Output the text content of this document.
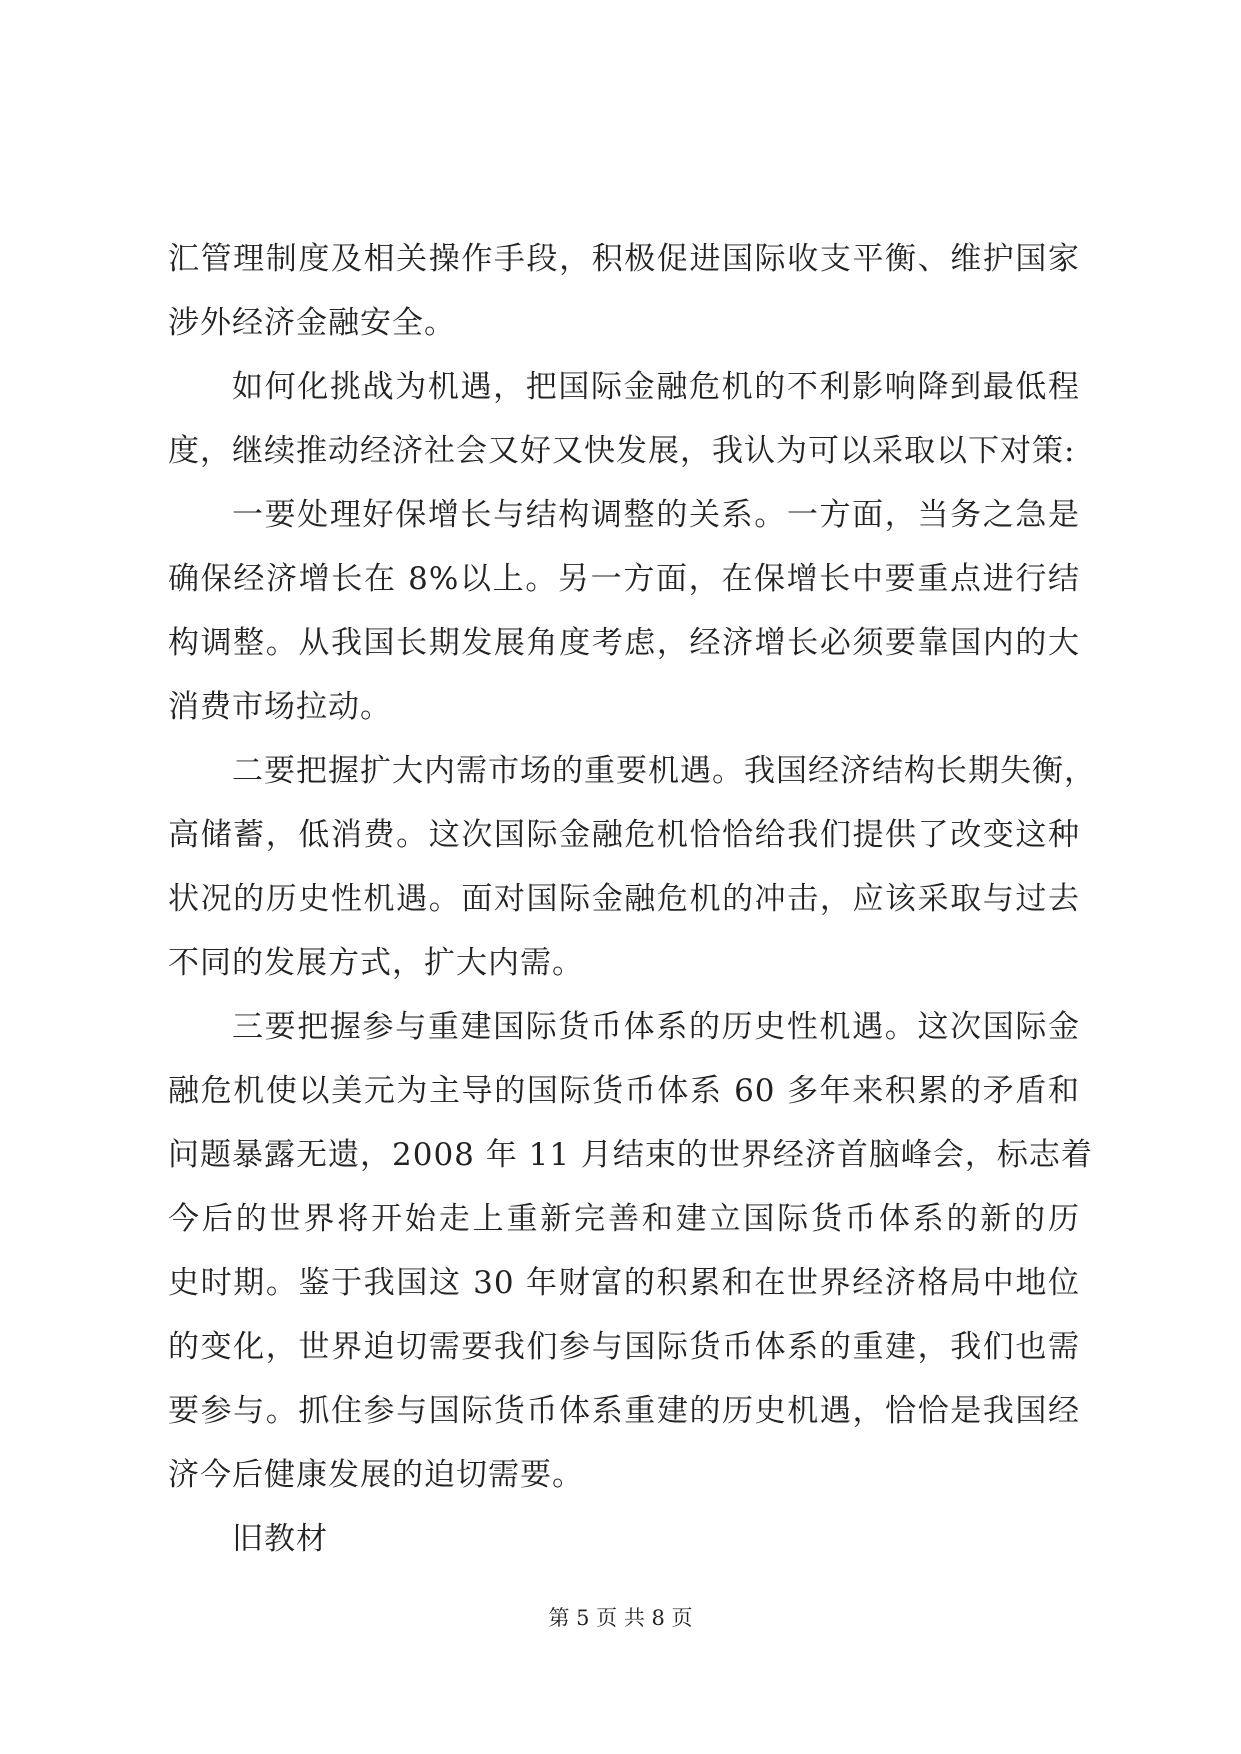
汇管理制度及相关操作手段，积极促进国际收支平衡、维护国家
涉外经济金融安全。
如何化挑战为机遇，把国际金融危机的不利影响降到最低程
度，继续推动经济社会又好又快发展，我认为可以采取以下对策:
一要处理好保增长与结构调整的关系。一方面，当务之急是
确保经济增长在 8%以上。另一方面，在保增长中要重点进行结
构调整。从我国长期发展角度考虑，经济增长必须要靠国内的大
消费市场拉动。
二要把握扩大内需市场的重要机遇。我国经济结构长期失衡，
高储蓄，低消费。这次国际金融危机恰恰给我们提供了改变这种
状况的历史性机遇。面对国际金融危机的冲击，应该采取与过去
不同的发展方式，扩大内需。
三要把握参与重建国际货币体系的历史性机遇。这次国际金
融危机使以美元为主导的国际货币体系 60 多年来积累的矛盾和
问题暴露无遗，2008 年 11 月结束的世界经济首脑峰会，标志着
今后的世界将开始走上重新完善和建立国际货币体系的新的历
史时期。鉴于我国这 30 年财富的积累和在世界经济格局中地位
的变化，世界迫切需要我们参与国际货币体系的重建，我们也需
要参与。抓住参与国际货币体系重建的历史机遇，恰恰是我国经
济今后健康发展的迫切需要。
旧教材
第 5 页 共 8 页
